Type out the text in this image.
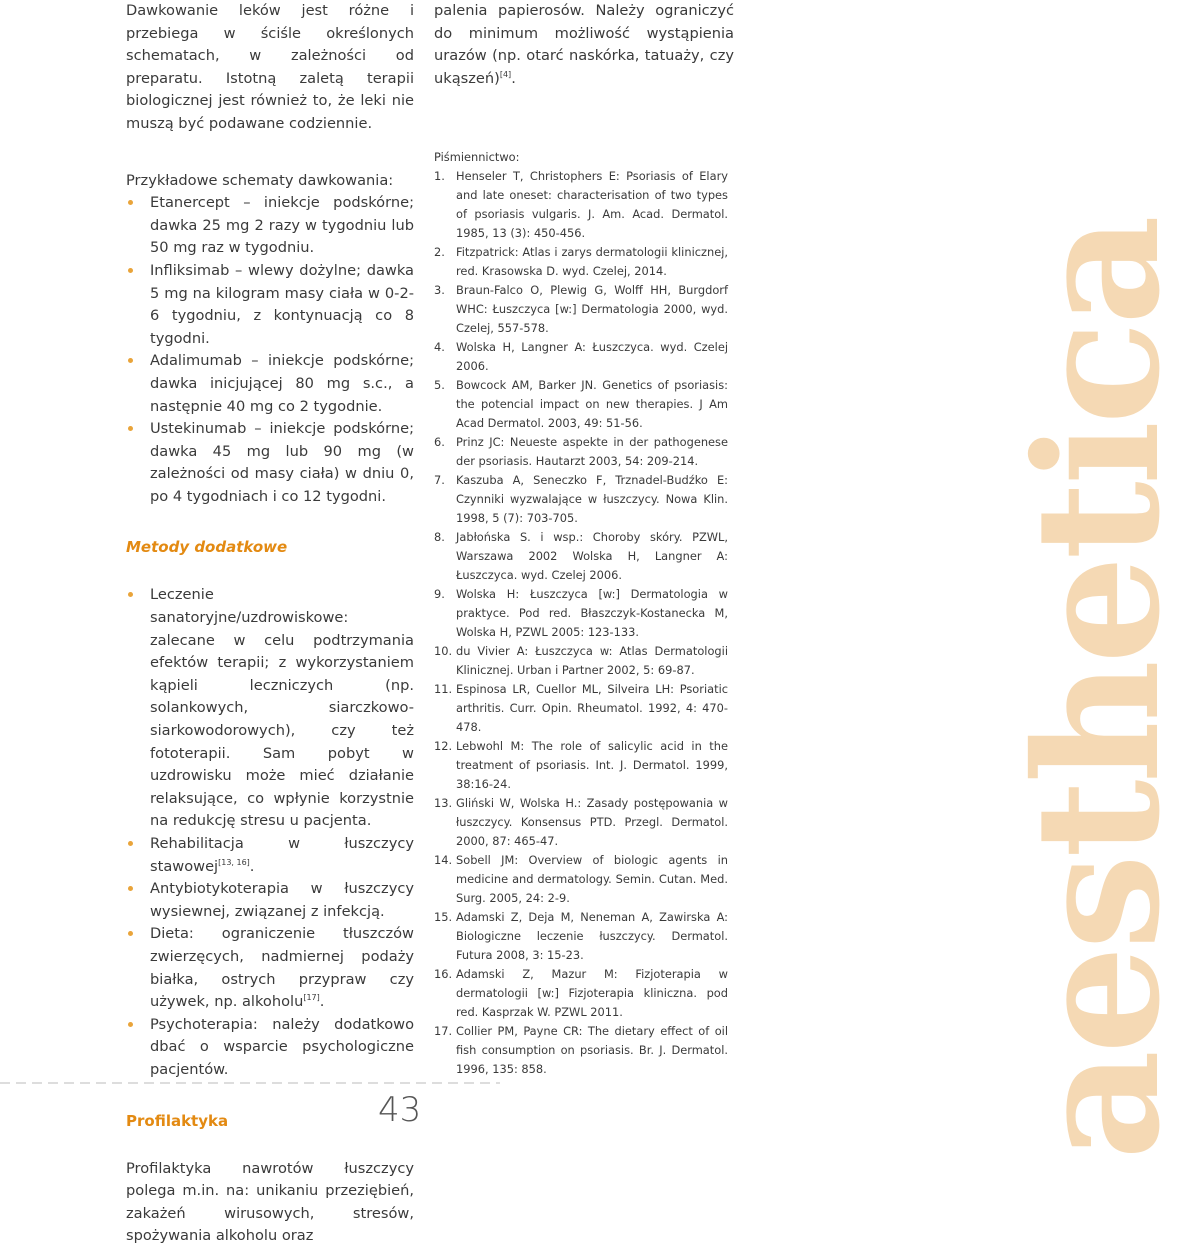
Dawkowanie leków jest różne i przebiega w ściśle określonych schematach, w zależności od preparatu. Istotną zaletą terapii biologicznej jest również to, że leki nie muszą być podawane codziennie.

Przykładowe schematy dawkowania:

Etanercept – iniekcje podskórne; dawka 25 mg 2 razy w tygodniu lub 50 mg raz w tygodniu.
Infliksimab – wlewy dożylne; dawka 5 mg na kilogram masy ciała w 0-2-6 tygodniu, z kontynuacją co 8 tygodni.
Adalimumab – iniekcje podskórne; dawka inicjującej 80 mg s.c., a następnie 40 mg co 2 tygodnie.
Ustekinumab – iniekcje podskórne; dawka 45 mg lub 90 mg (w zależności od masy ciała) w dniu 0, po 4 tygodniach i co 12 tygodni.
Metody dodatkowe
Leczenie sanatoryjne/uzdrowiskowe: zalecane w celu podtrzymania efektów terapii; z wykorzystaniem kąpieli leczniczych (np. solankowych, siarczkowo-siarkowodorowych), czy też fototerapii. Sam pobyt w uzdrowisku może mieć działanie relaksujące, co wpłynie korzystnie na redukcję stresu u pacjenta.
Rehabilitacja w łuszczycy stawowej[13, 16].
Antybiotykoterapia w łuszczycy wysiewnej, związanej z infekcją.
Dieta: ograniczenie tłuszczów zwierzęcych, nadmiernej podaży białka, ostrych przypraw czy używek, np. alkoholu[17].
Psychoterapia: należy dodatkowo dbać o wsparcie psychologiczne pacjentów.
Profilaktyka

Profilaktyka nawrotów łuszczycy polega m.in. na: unikaniu przeziębień, zakażeń wirusowych, stresów, spożywania alkoholu oraz

palenia papierosów. Należy ograniczyć do minimum możliwość wystąpienia urazów (np. otarć naskórka, tatuaży, czy ukąszeń)[4].

Piśmiennictwo:

1. Henseler T, Christophers E: Psoriasis of Elary and late oneset: characterisation of two types of psoriasis vulgaris. J. Am. Acad. Dermatol. 1985, 13 (3): 450-456.
2. Fitzpatrick: Atlas i zarys dermatologii klinicznej, red. Krasowska D. wyd. Czelej, 2014.
3. Braun-Falco O, Plewig G, Wolff HH, Burgdorf WHC: Łuszczyca [w:] Dermatologia 2000, wyd. Czelej, 557-578.
4. Wolska H, Langner A: Łuszczyca. wyd. Czelej 2006.
5. Bowcock AM, Barker JN. Genetics of psoriasis: the potencial impact on new therapies. J Am Acad Dermatol. 2003, 49: 51-56.
6. Prinz JC: Neueste aspekte in der pathogenese der psoriasis. Hautarzt 2003, 54: 209-214.
7. Kaszuba A, Seneczko F, Trznadel-Budźko E: Czynniki wyzwalające w łuszczycy. Nowa Klin. 1998, 5 (7): 703-705.
8. Jabłońska S. i wsp.: Choroby skóry. PZWL, Warszawa 2002 Wolska H, Langner A: Łuszczyca. wyd. Czelej 2006.
9. Wolska H: Łuszczyca [w:] Dermatologia w praktyce. Pod red. Błaszczyk-Kostanecka M, Wolska H, PZWL 2005: 123-133.
10. du Vivier A: Łuszczyca w: Atlas Dermatologii Klinicznej. Urban i Partner 2002, 5: 69-87.
11. Espinosa LR, Cuellor ML, Silveira LH: Psoriatic arthritis. Curr. Opin. Rheumatol. 1992, 4: 470-478.
12. Lebwohl M: The role of salicylic acid in the treatment of psoriasis. Int. J. Dermatol. 1999, 38:16-24.
13. Gliński W, Wolska H.: Zasady postępowania w łuszczycy. Konsensus PTD. Przegl. Dermatol. 2000, 87: 465-47.
14. Sobell JM: Overview of biologic agents in medicine and dermatology. Semin. Cutan. Med. Surg. 2005, 24: 2-9.
15. Adamski Z, Deja M, Neneman A, Zawirska A: Biologiczne leczenie łuszczycy. Dermatol. Futura 2008, 3: 15-23.
16. Adamski Z, Mazur M: Fizjoterapia w dermatologii [w:] Fizjoterapia kliniczna. pod red. Kasprzak W. PZWL 2011.
17. Collier PM, Payne CR: The dietary effect of oil fish consumption on psoriasis. Br. J. Dermatol. 1996, 135: 858.
43	aesthetica
